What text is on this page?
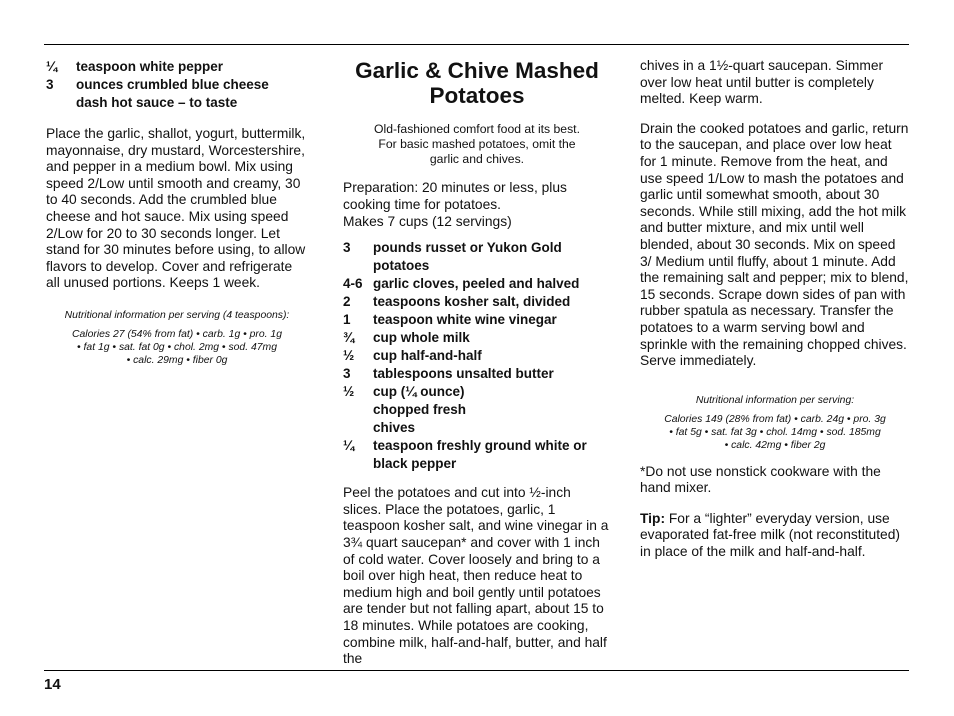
¼	teaspoon white pepper
3	ounces crumbled blue cheese
dash hot sauce – to taste

Place the garlic, shallot, yogurt, buttermilk, mayonnaise, dry mustard, Worcestershire, and pepper in a medium bowl. Mix using speed 2/Low until smooth and creamy, 30 to 40 seconds. Add the crumbled blue cheese and hot sauce. Mix using speed 2/Low for 20 to 30 seconds longer. Let stand for 30 minutes before using, to allow flavors to develop. Cover and refrigerate all unused portions. Keeps 1 week.

Nutritional information per serving (4 teaspoons):
Calories 27 (54% from fat) • carb. 1g • pro. 1g
• fat 1g • sat. fat 0g • chol. 2mg • sod. 47mg
• calc. 29mg • fiber 0g
Garlic & Chive Mashed Potatoes
Old-fashioned comfort food at its best.
For basic mashed potatoes, omit the
garlic and chives.
Preparation: 20 minutes or less, plus
cooking time for potatoes.
Makes 7 cups (12 servings)
3	pounds russet or Yukon Gold potatoes
4-6 garlic cloves, peeled and halved
2	teaspoons kosher salt, divided
1	teaspoon white wine vinegar
¾	cup whole milk
½	cup half-and-half
3	tablespoons unsalted butter
½	cup (¼ ounce) chopped fresh chives
¼	teaspoon freshly ground white or black pepper

Peel the potatoes and cut into ½-inch slices. Place the potatoes, garlic, 1 teaspoon kosher salt, and wine vinegar in a 3¾ quart saucepan* and cover with 1 inch of cold water. Cover loosely and bring to a boil over high heat, then reduce heat to medium high and boil gently until potatoes are tender but not falling apart, about 15 to 18 minutes. While potatoes are cooking, combine milk, half-and-half, butter, and half the

chives in a 1½-quart saucepan. Simmer over low heat until butter is completely melted. Keep warm.

Drain the cooked potatoes and garlic, return to the saucepan, and place over low heat for 1 minute. Remove from the heat, and use speed 1/Low to mash the potatoes and garlic until somewhat smooth, about 30 seconds. While still mixing, add the hot milk and butter mixture, and mix until well blended, about 30 seconds. Mix on speed 3/ Medium until fluffy, about 1 minute. Add the remaining salt and pepper; mix to blend, 15 seconds. Scrape down sides of pan with rubber spatula as necessary. Transfer the potatoes to a warm serving bowl and sprinkle with the remaining chopped chives. Serve immediately.

Nutritional information per serving:
Calories 149 (28% from fat) • carb. 24g • pro. 3g
• fat 5g • sat. fat 3g • chol. 14mg • sod. 185mg
• calc. 42mg • fiber 2g

*Do not use nonstick cookware with the hand mixer.

Tip: For a “lighter” everyday version, use evaporated fat-free milk (not reconstituted) in place of the milk and half-and-half.

14
